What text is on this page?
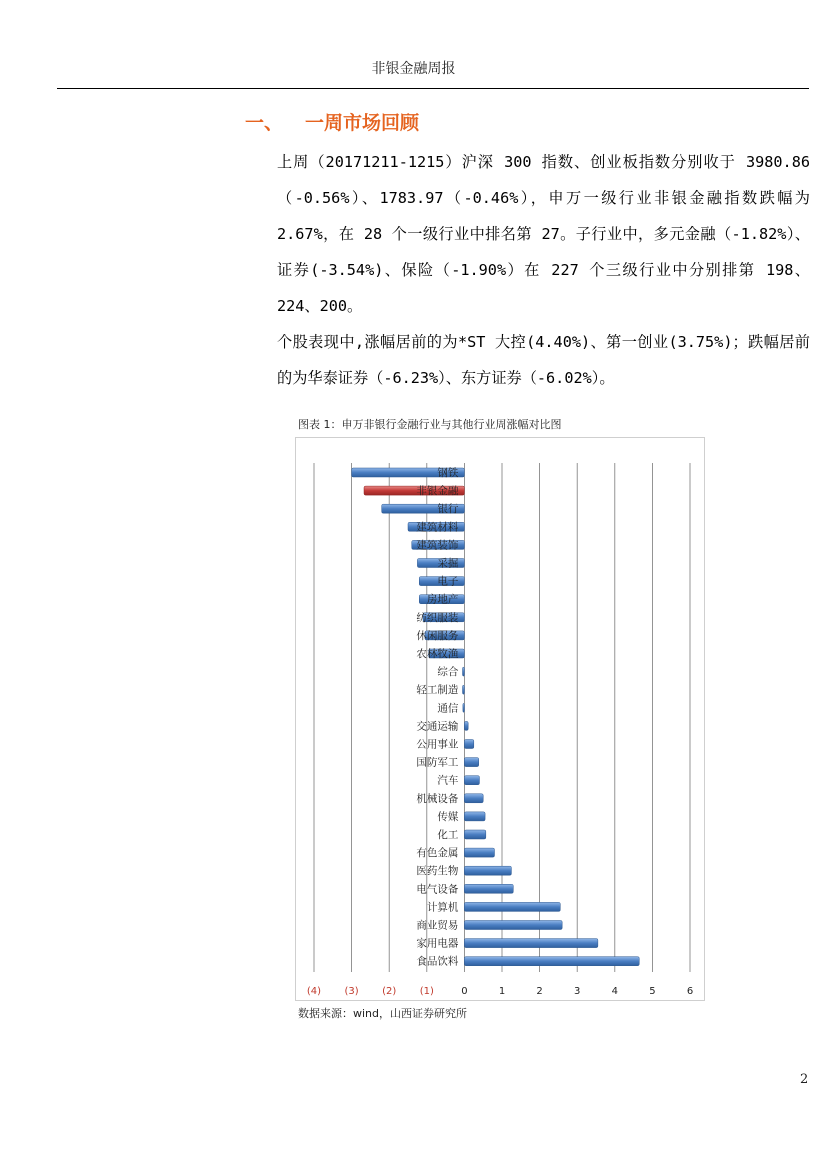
非银金融周报
一、 一周市场回顾

上周（20171211-1215）沪深 300 指数、创业板指数分别收于 3980.86（-0.56%）、1783.97（-0.46%），申万一级行业非银金融指数跌幅为 2.67%，在 28 个一级行业中排名第 27。子行业中，多元金融（-1.82%）、证券(-3.54%)、保险（-1.90%）在 227 个三级行业中分别排第 198、224、200。

个股表现中,涨幅居前的为*ST 大控(4.40%)、第一创业(3.75%)；跌幅居前的为华泰证券（-6.23%）、东方证券（-6.02%）。

图表 1：申万非银行金融行业与其他行业周涨幅对比图
钢铁
非银金融
银行
建筑材料
建筑装饰
采掘
电子
房地产
纺织服装
休闲服务
农林牧渔
综合
轻工制造
通信
交通运输
公用事业
国防军工
汽车
机械设备
传媒
化工
有色金属
医药生物
电气设备
计算机
商业贸易
家用电器
食品饮料
(4) (3) (2) (1)	0	1	2	3	4	5	6
数据来源：wind，山西证券研究所
2
